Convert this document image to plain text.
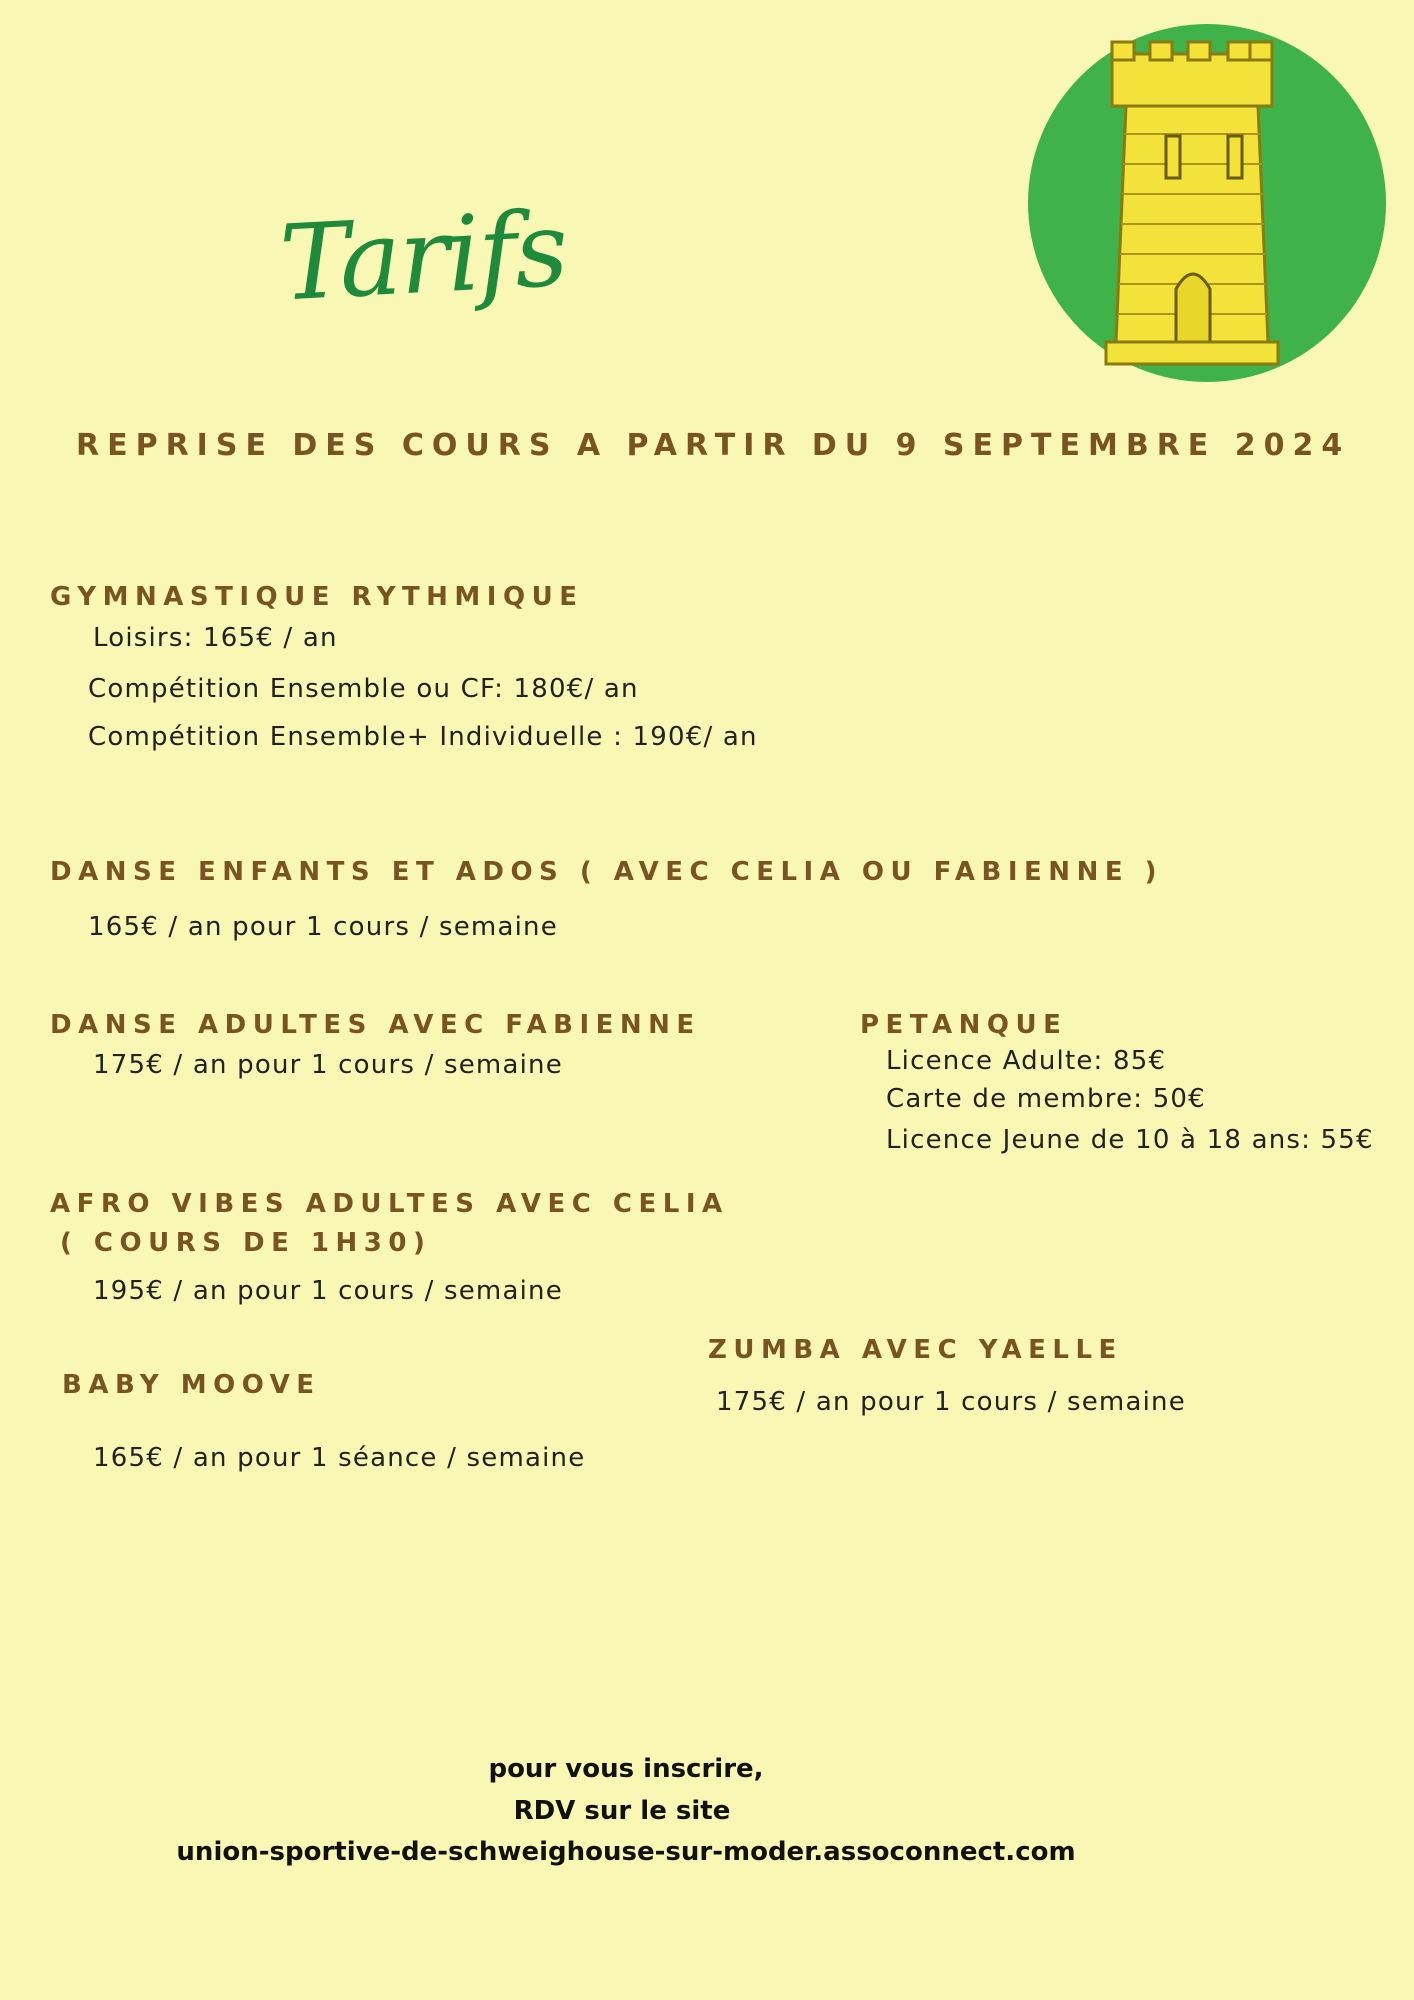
Tarifs
REPRISE DES COURS A PARTIR DU 9 SEPTEMBRE 2024
GYMNASTIQUE RYTHMIQUE
Loisirs: 165€ / an
Compétition Ensemble ou CF: 180€/ an
Compétition Ensemble+ Individuelle : 190€/ an
DANSE ENFANTS ET ADOS ( AVEC CELIA OU FABIENNE )
165€ / an pour 1 cours / semaine
DANSE ADULTES AVEC FABIENNE
175€ / an pour 1 cours / semaine
PETANQUE
Licence Adulte: 85€
Carte de membre: 50€
Licence Jeune de 10 à 18 ans: 55€
AFRO VIBES ADULTES AVEC CELIA
( COURS DE 1H30)
195€ / an pour 1 cours / semaine
ZUMBA AVEC YAELLE
175€ / an pour 1 cours / semaine
BABY MOOVE
165€ / an pour 1 séance / semaine
pour vous inscrire,
RDV sur le site
union-sportive-de-schweighouse-sur-moder.assoconnect.com
